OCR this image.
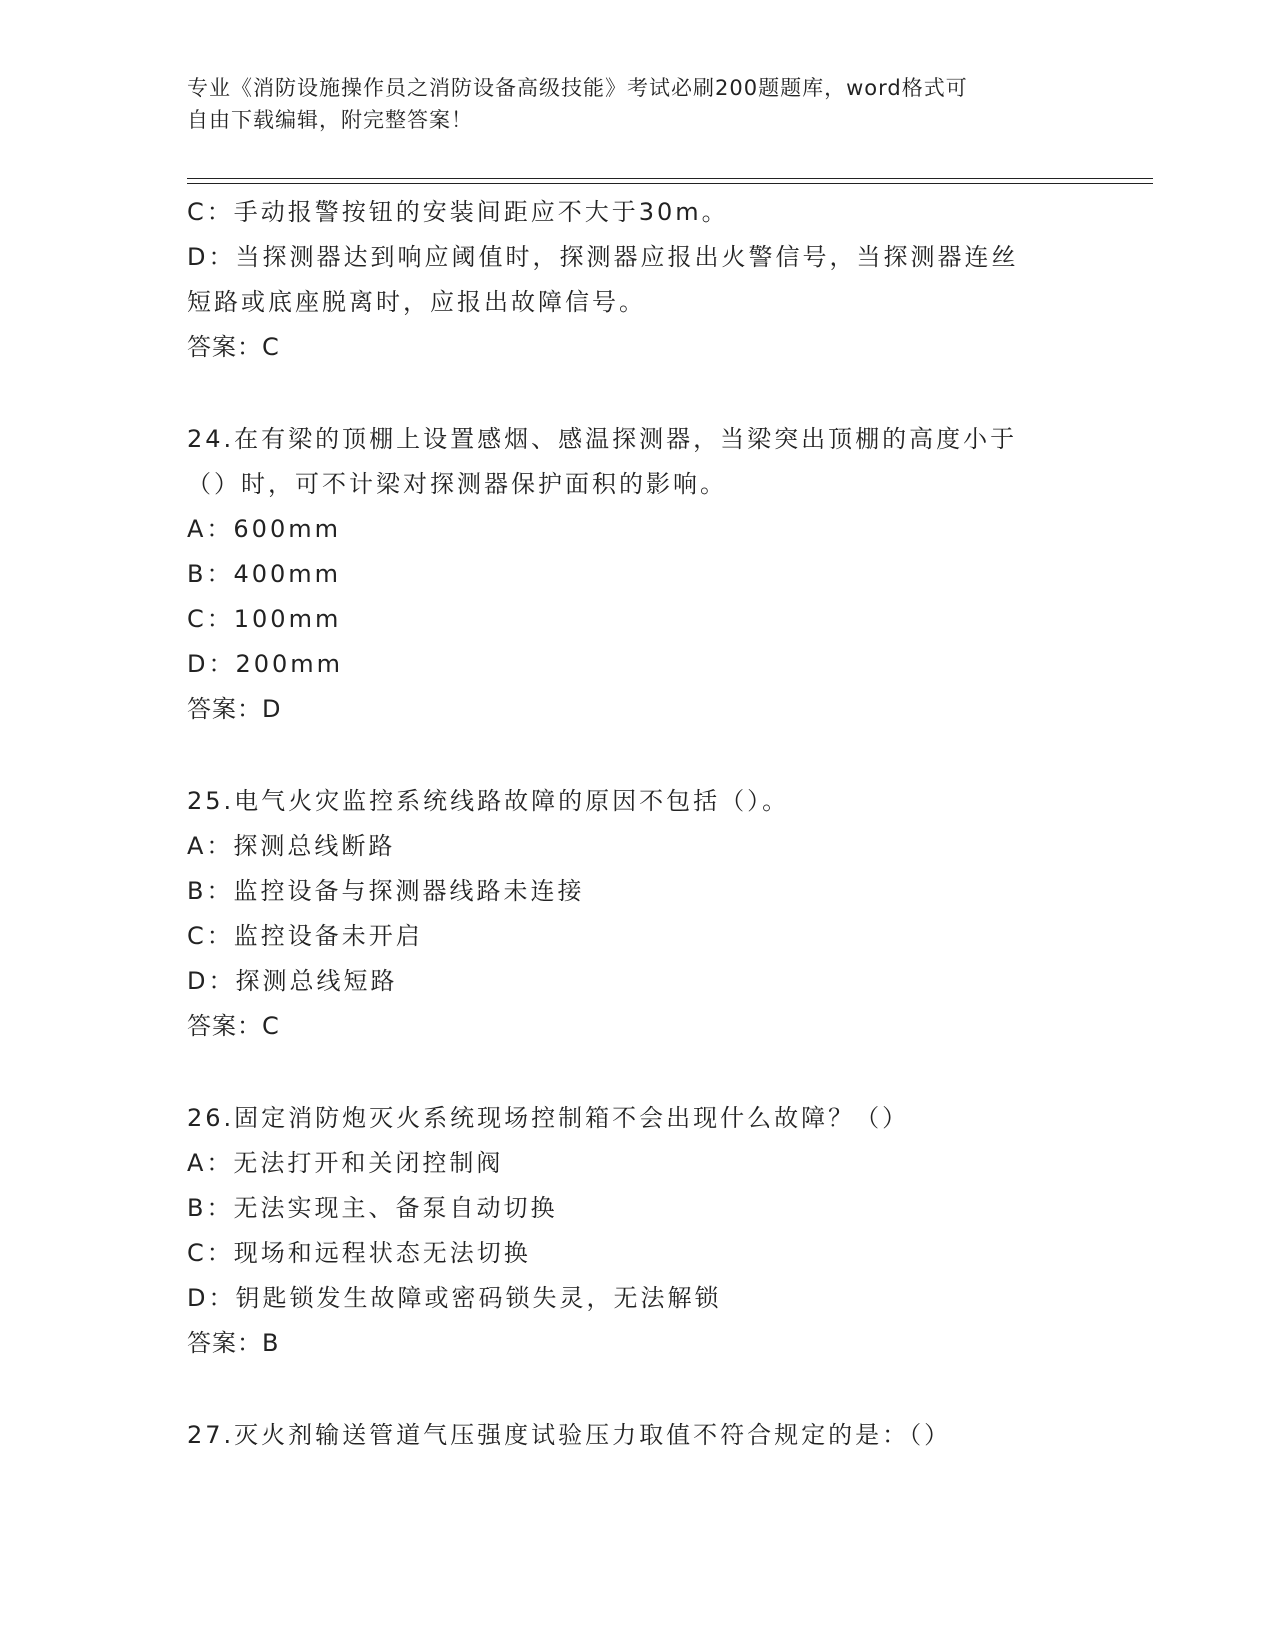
专业《消防设施操作员之消防设备高级技能》考试必刷200题题库，word格式可
自由下载编辑，附完整答案！
C：手动报警按钮的安装间距应不大于30m。
D：当探测器达到响应阈值时，探测器应报出火警信号，当探测器连丝
短路或底座脱离时，应报出故障信号。
答案：C
24.在有梁的顶棚上设置感烟、感温探测器，当梁突出顶棚的高度小于
（）时，可不计梁对探测器保护面积的影响。
A：600mm
B：400mm
C：100mm
D：200mm
答案：D
25.电气火灾监控系统线路故障的原因不包括（）。
A：探测总线断路
B：监控设备与探测器线路未连接
C：监控设备未开启
D：探测总线短路
答案：C
26.固定消防炮灭火系统现场控制箱不会出现什么故障？（）
A：无法打开和关闭控制阀
B：无法实现主、备泵自动切换
C：现场和远程状态无法切换
D：钥匙锁发生故障或密码锁失灵，无法解锁
答案：B
27.灭火剂输送管道气压强度试验压力取值不符合规定的是：（）
